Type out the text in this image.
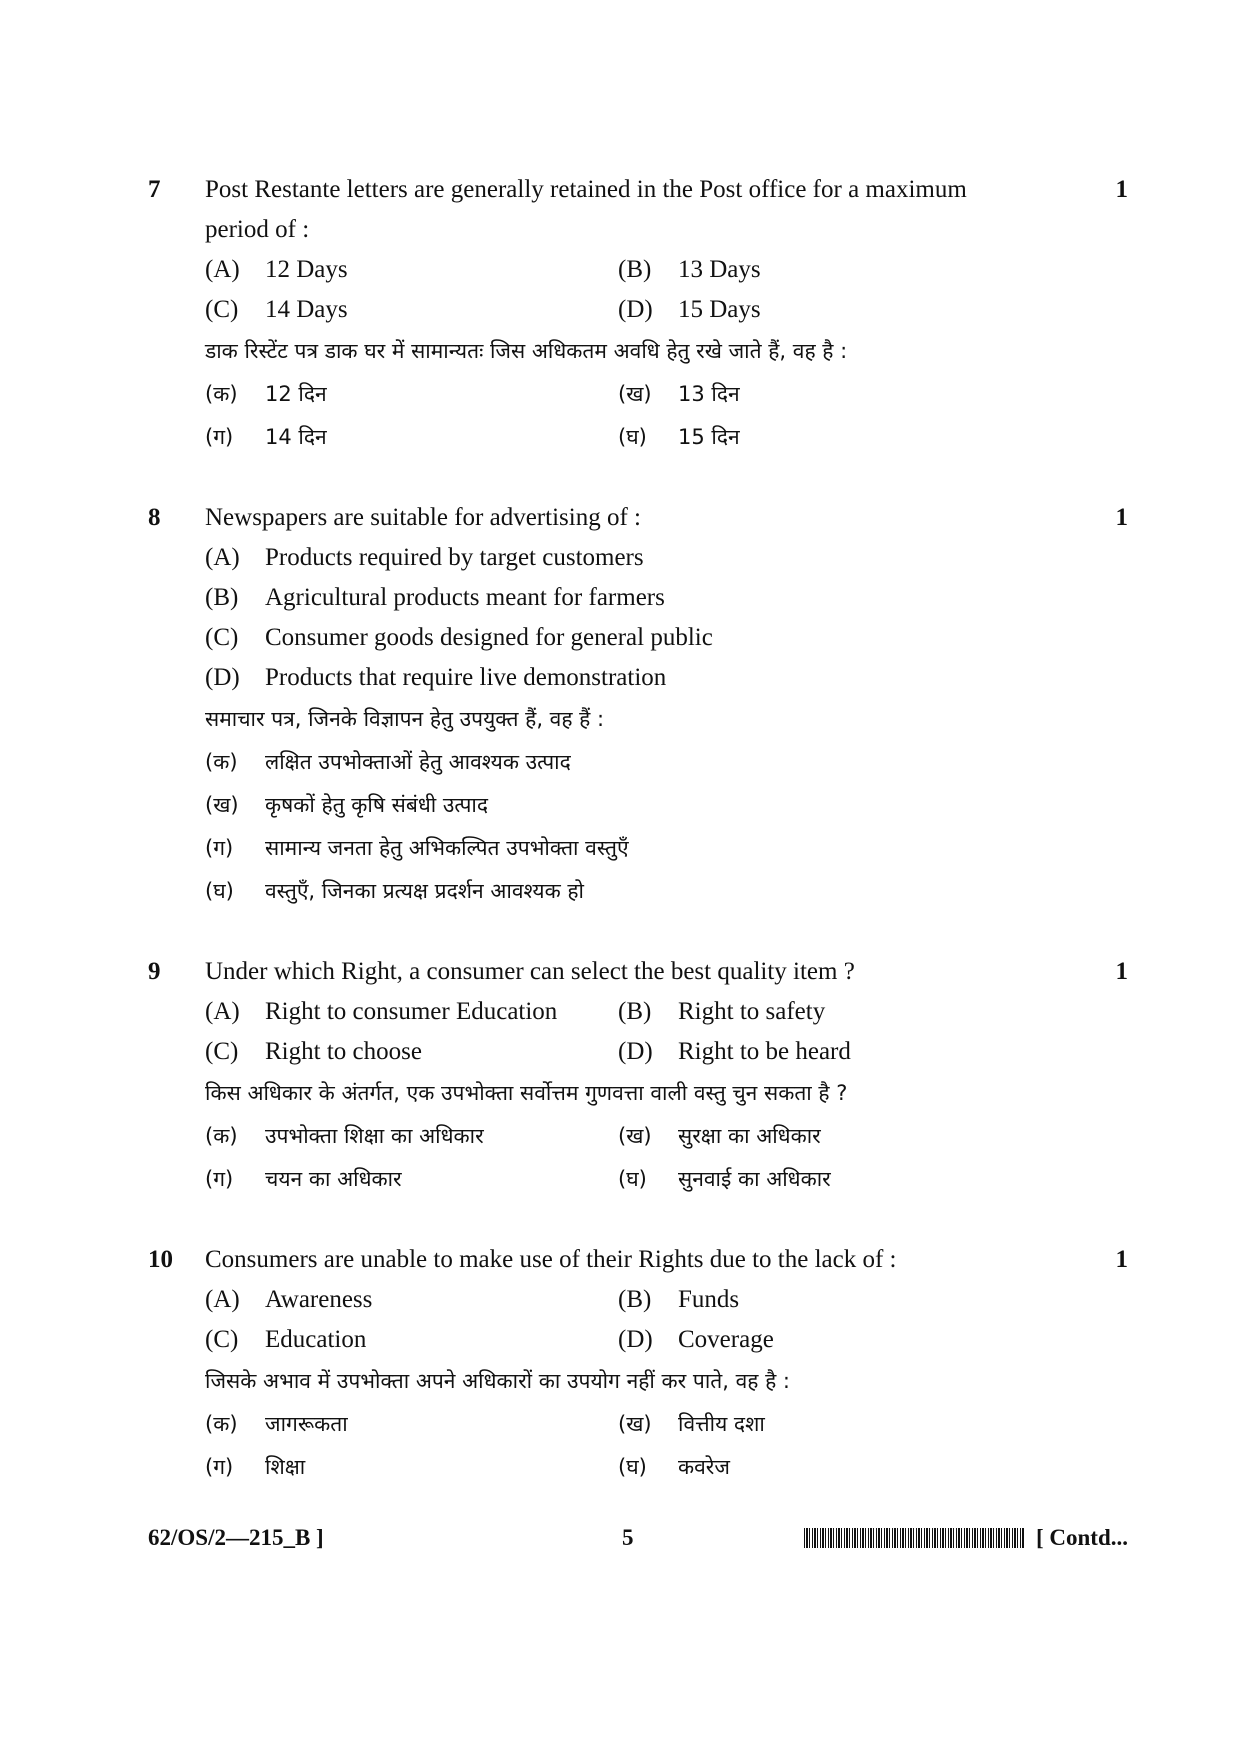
7	1
Post Restante letters are generally retained in the Post office for a maximum
period of :
(A)	12 Days	(B)	13 Days
(C)	14 Days	(D)	15 Days
डाक रिस्टेंट पत्र डाक घर में सामान्यतः जिस अधिकतम अवधि हेतु रखे जाते हैं, वह है :
(क)	12 दिन	(ख)	13 दिन
(ग)	14 दिन	(घ)	15 दिन
8	1
Newspapers are suitable for advertising of :
(A)	Products required by target customers
(B)	Agricultural products meant for farmers
(C)	Consumer goods designed for general public
(D)	Products that require live demonstration
समाचार पत्र, जिनके विज्ञापन हेतु उपयुक्त हैं, वह हैं :
(क)	लक्षित उपभोक्ताओं हेतु आवश्यक उत्पाद
(ख)	कृषकों हेतु कृषि संबंधी उत्पाद
(ग)	सामान्य जनता हेतु अभिकल्पित उपभोक्ता वस्तुएँ
(घ)	वस्तुएँ, जिनका प्रत्यक्ष प्रदर्शन आवश्यक हो
9	1
Under which Right, a consumer can select the best quality item ?
(A)	Right to consumer Education (B)	Right to safety
(C)	Right to choose	(D)	Right to be heard
किस अधिकार के अंतर्गत, एक उपभोक्ता सर्वोत्तम गुणवत्ता वाली वस्तु चुन सकता है ?
(क)	उपभोक्ता शिक्षा का अधिकार	(ख)	सुरक्षा का अधिकार
(ग)	चयन का अधिकार	(घ)	सुनवाई का अधिकार
10	1
Consumers are unable to make use of their Rights due to the lack of :
(A)	Awareness	(B)	Funds
(C)	Education	(D)	Coverage
जिसके अभाव में उपभोक्ता अपने अधिकारों का उपयोग नहीं कर पाते, वह है :
(क)	जागरूकता	(ख)	वित्तीय दशा
(ग)	शिक्षा	(घ)	कवरेज
62/OS/2—215_B ]	5	[ Contd...
